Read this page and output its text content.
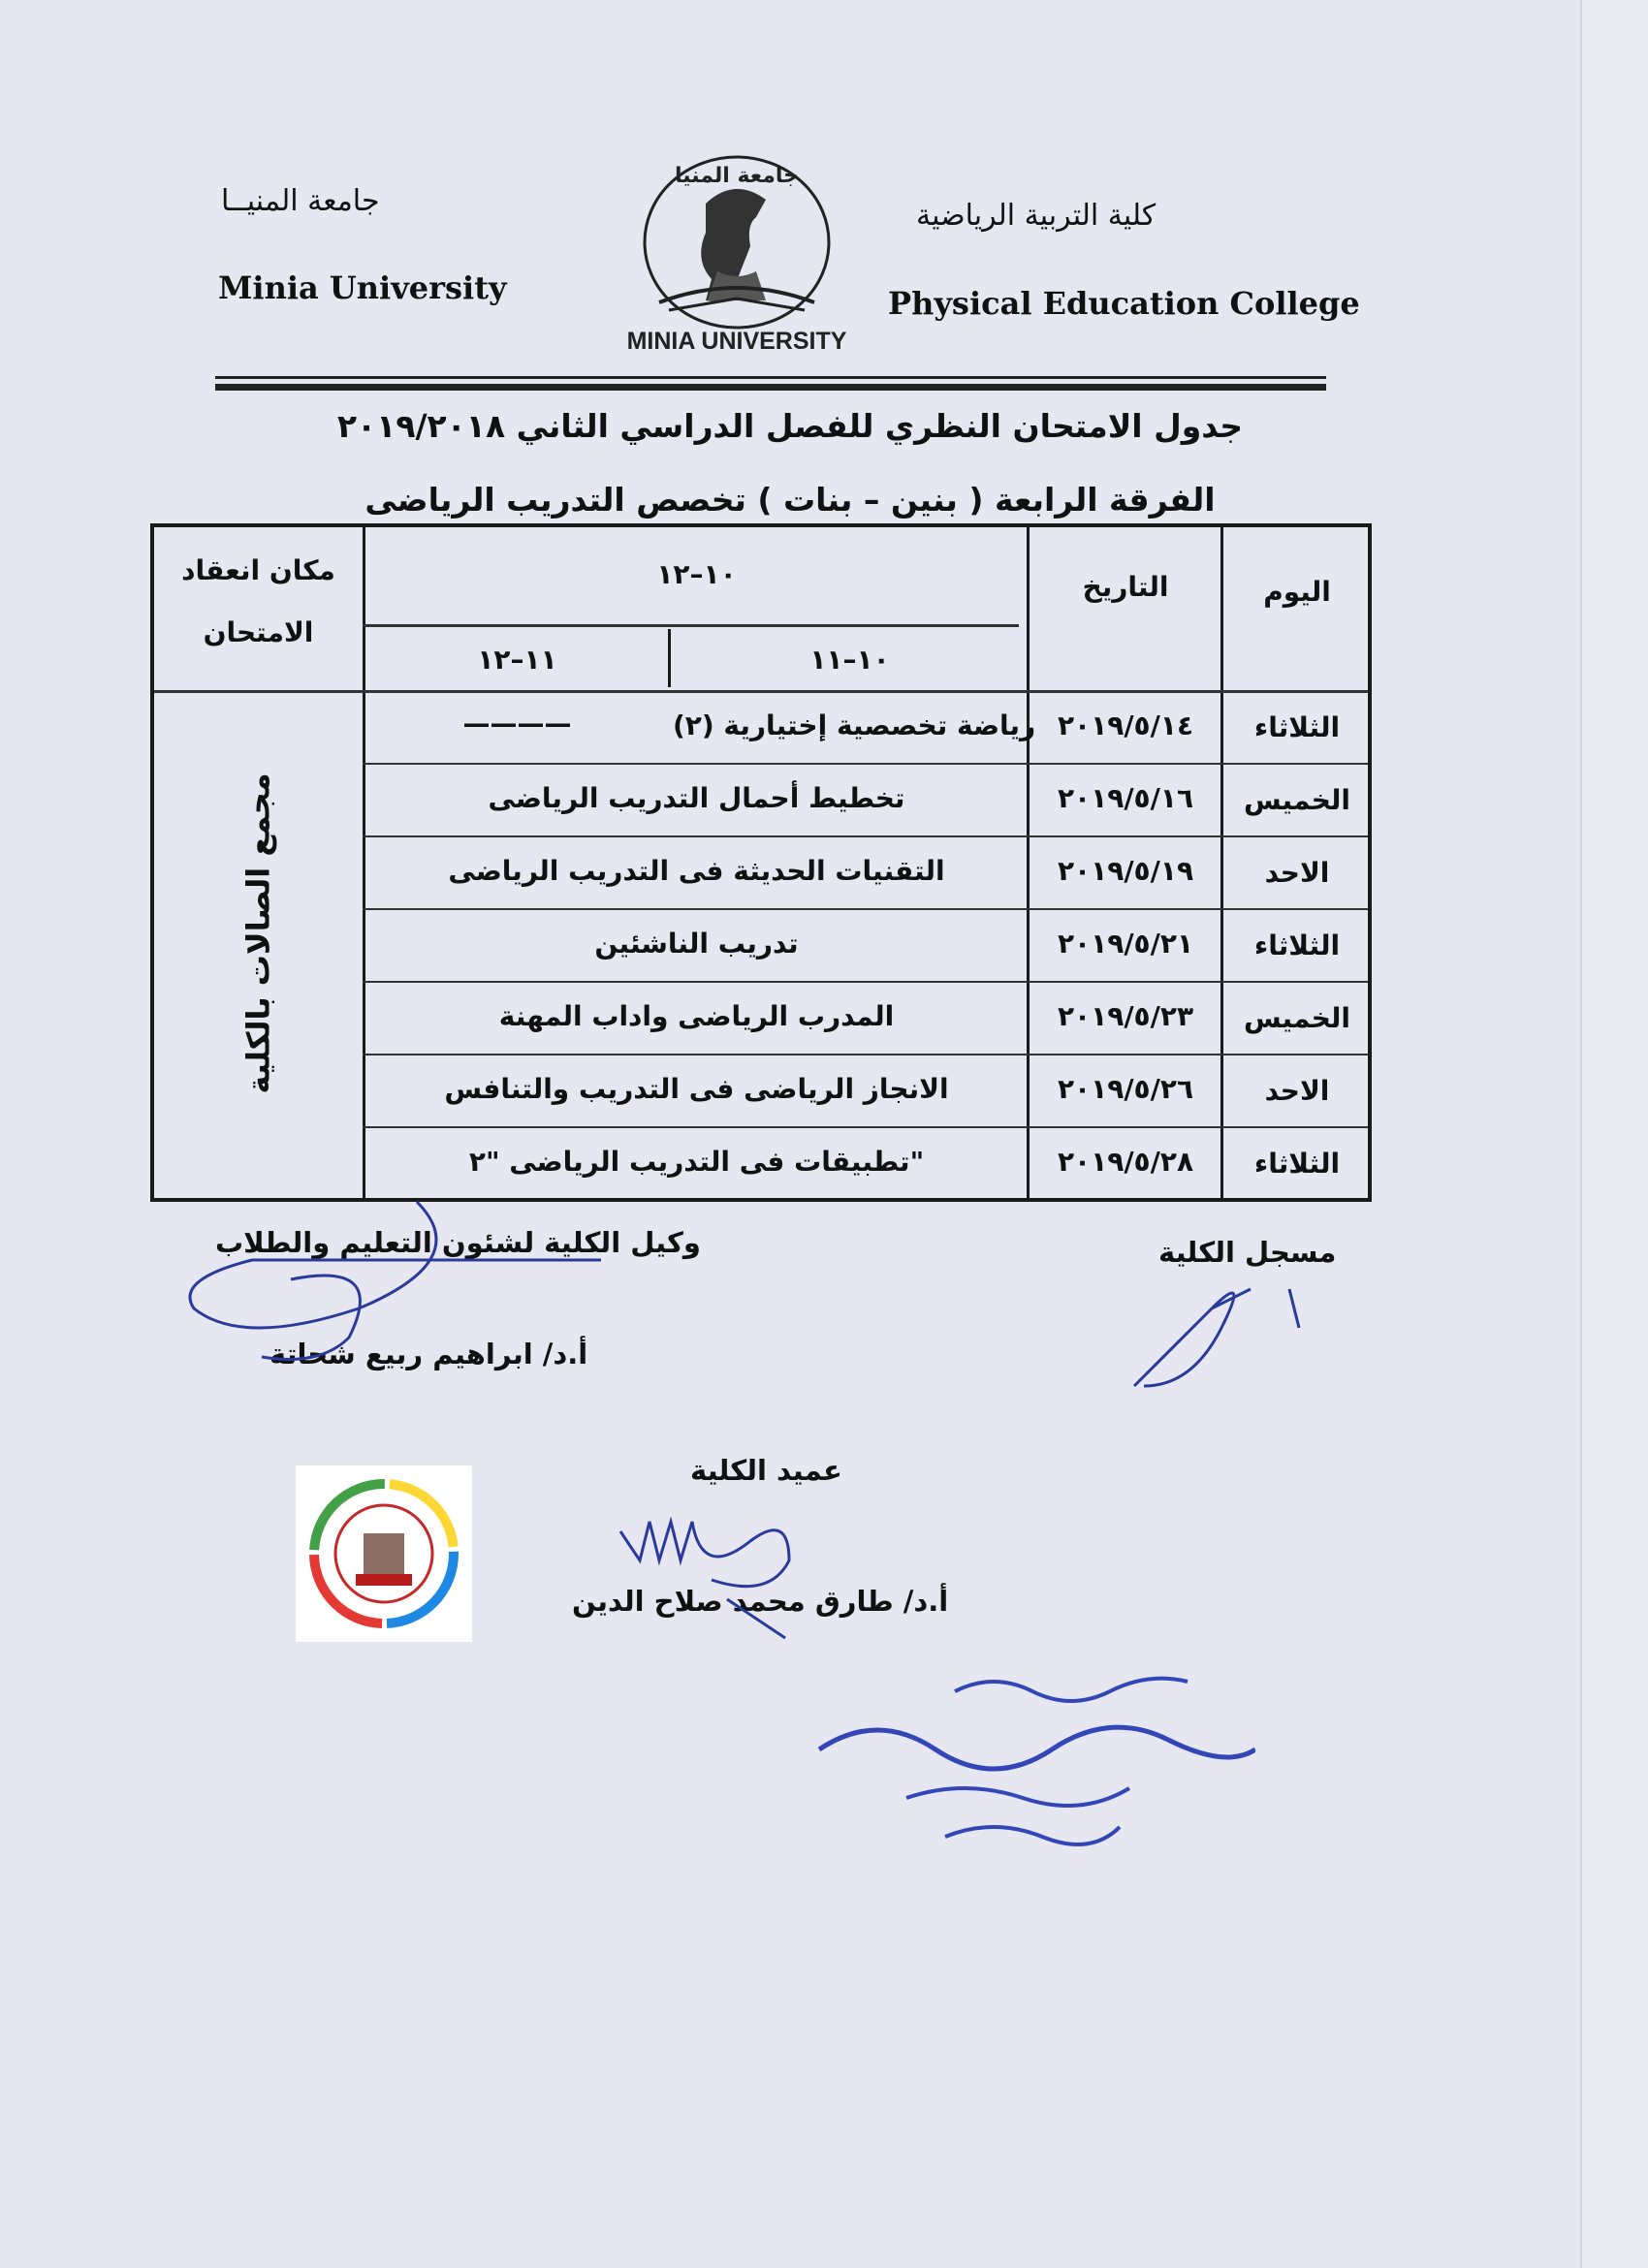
جامعة المنيــا
Minia University
كلية التربية الرياضية
Physical Education College
جامعة المنيا
MINIA UNIVERSITY
جدول الامتحان النظري للفصل الدراسي الثاني ٢٠١٩/٢٠١٨
الفرقة الرابعة ( بنين – بنات ) تخصص التدريب الرياضى
اليوم
التاريخ
١٠–١٢
١٠–١١
١١–١٢
مكان انعقاد
الامتحان
مجمع الصالات بالكلية
الثلاثاء
٢٠١٩/٥/١٤
رياضة تخصصية إختيارية (٢)
————
الخميس
٢٠١٩/٥/١٦
تخطيط أحمال التدريب الرياضى
الاحد
٢٠١٩/٥/١٩
التقنيات الحديثة فى التدريب الرياضى
الثلاثاء
٢٠١٩/٥/٢١
تدريب الناشئين
الخميس
٢٠١٩/٥/٢٣
المدرب الرياضى واداب المهنة
الاحد
٢٠١٩/٥/٢٦
الانجاز الرياضى فى التدريب والتنافس
الثلاثاء
٢٠١٩/٥/٢٨
تطبيقات فى التدريب الرياضى "٢"
مسجل الكلية
وكيل الكلية لشئون التعليم والطلاب
أ.د/ ابراهيم ربيع شحاتة
عميد الكلية
أ.د/ طارق محمد صلاح الدين
